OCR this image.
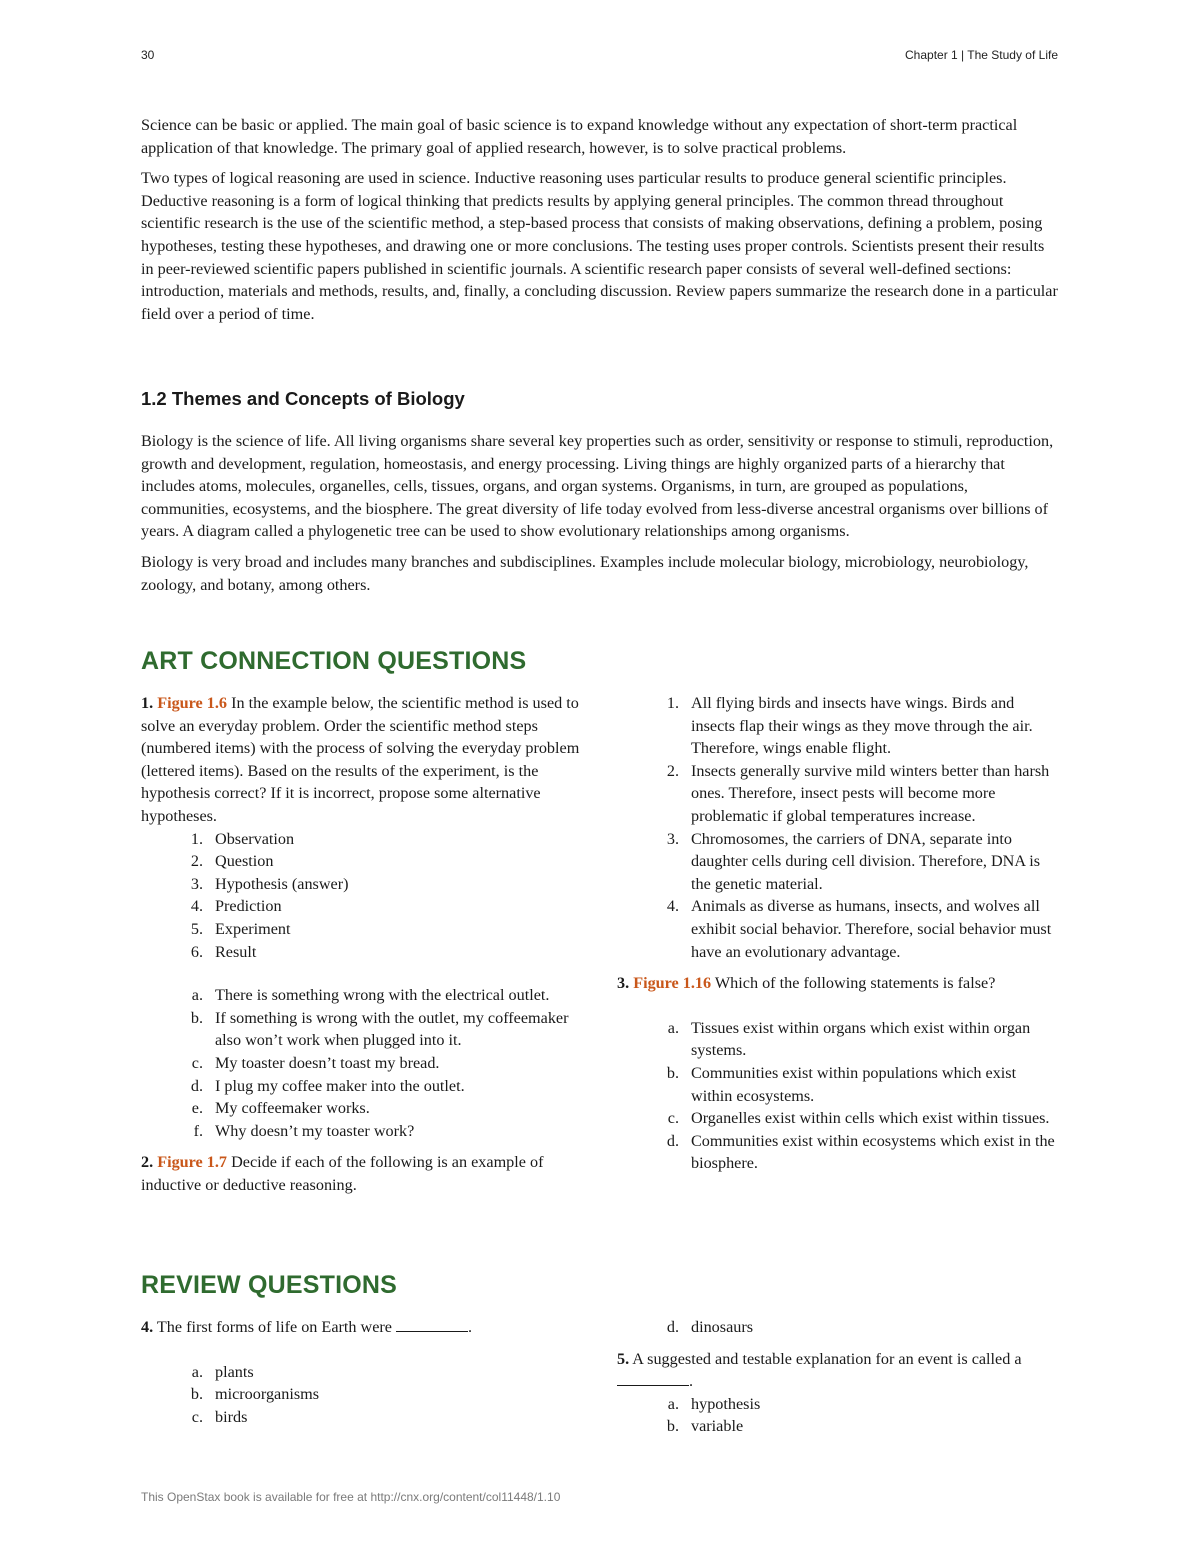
30	Chapter 1 | The Study of Life

Science can be basic or applied. The main goal of basic science is to expand knowledge without any expectation of short-term practical application of that knowledge. The primary goal of applied research, however, is to solve practical problems.

Two types of logical reasoning are used in science. Inductive reasoning uses particular results to produce general scientific principles. Deductive reasoning is a form of logical thinking that predicts results by applying general principles. The common thread throughout scientific research is the use of the scientific method, a step-based process that consists of making observations, defining a problem, posing hypotheses, testing these hypotheses, and drawing one or more conclusions. The testing uses proper controls. Scientists present their results in peer-reviewed scientific papers published in scientific journals. A scientific research paper consists of several well-defined sections: introduction, materials and methods, results, and, finally, a concluding discussion. Review papers summarize the research done in a particular field over a period of time.

1.2 Themes and Concepts of Biology

Biology is the science of life. All living organisms share several key properties such as order, sensitivity or response to stimuli, reproduction, growth and development, regulation, homeostasis, and energy processing. Living things are highly organized parts of a hierarchy that includes atoms, molecules, organelles, cells, tissues, organs, and organ systems. Organisms, in turn, are grouped as populations, communities, ecosystems, and the biosphere. The great diversity of life today evolved from less-diverse ancestral organisms over billions of years. A diagram called a phylogenetic tree can be used to show evolutionary relationships among organisms.

Biology is very broad and includes many branches and subdisciplines. Examples include molecular biology, microbiology, neurobiology, zoology, and botany, among others.

ART CONNECTION QUESTIONS

1. Figure 1.6 In the example below, the scientific method is used to solve an everyday problem. Order the scientific method steps (numbered items) with the process of solving the everyday problem (lettered items). Based on the results of the experiment, is the hypothesis correct? If it is incorrect, propose some alternative hypotheses.

1. Observation
2. Question
3. Hypothesis (answer)
4. Prediction
5. Experiment
6. Result
a. There is something wrong with the electrical outlet.
b. If something is wrong with the outlet, my coffeemaker also won’t work when plugged into it.
c. My toaster doesn’t toast my bread.
d. I plug my coffee maker into the outlet.
e. My coffeemaker works.
f. Why doesn’t my toaster work?

2. Figure 1.7 Decide if each of the following is an example of inductive or deductive reasoning.

1. All flying birds and insects have wings. Birds and insects flap their wings as they move through the air. Therefore, wings enable flight.
2. Insects generally survive mild winters better than harsh ones. Therefore, insect pests will become more problematic if global temperatures increase.
3. Chromosomes, the carriers of DNA, separate into daughter cells during cell division. Therefore, DNA is the genetic material.
4. Animals as diverse as humans, insects, and wolves all exhibit social behavior. Therefore, social behavior must have an evolutionary advantage.

3. Figure 1.16 Which of the following statements is false?

a. Tissues exist within organs which exist within organ systems.
b. Communities exist within populations which exist within ecosystems.
c. Organelles exist within cells which exist within tissues.
d. Communities exist within ecosystems which exist in the biosphere.
REVIEW QUESTIONS

4. The first forms of life on Earth were	.

a. plants
b. microorganisms
c. birds
d. dinosaurs

5. A suggested and testable explanation for an event is called a .

a. hypothesis
b. variable
This OpenStax book is available for free at http://cnx.org/content/col11448/1.10
